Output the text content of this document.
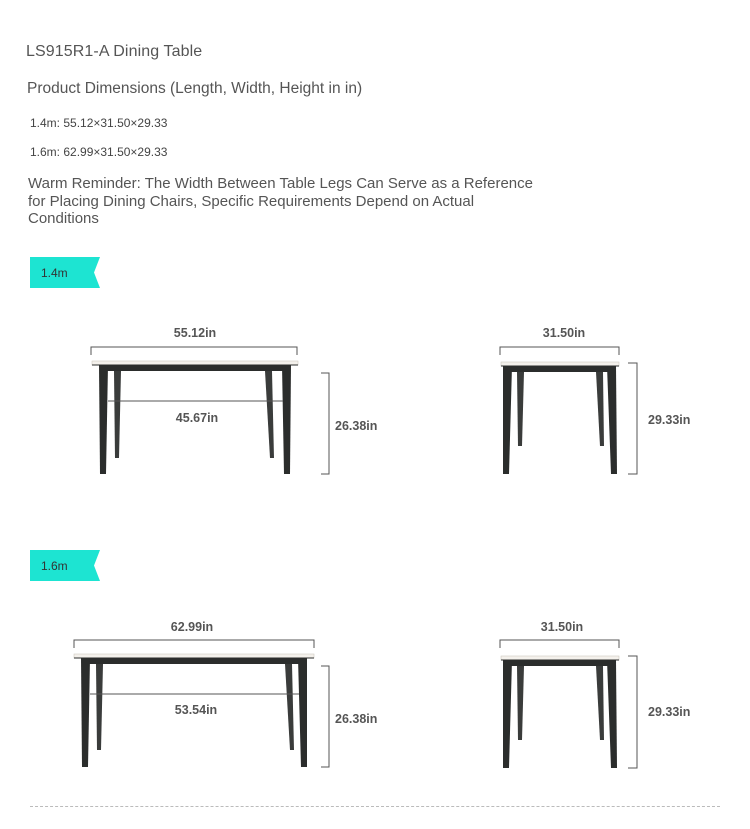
LS915R1-A Dining Table
Product Dimensions (Length, Width, Height in in)
1.4m: 55.12×31.50×29.33
1.6m: 62.99×31.50×29.33
Warm Reminder: The Width Between Table Legs Can Serve as a Reference for Placing Dining Chairs, Specific Requirements Depend on Actual Conditions
1.4m
55.12in
45.67in
26.38in
31.50in
29.33in
1.6m
62.99in
53.54in
26.38in
31.50in
29.33in
